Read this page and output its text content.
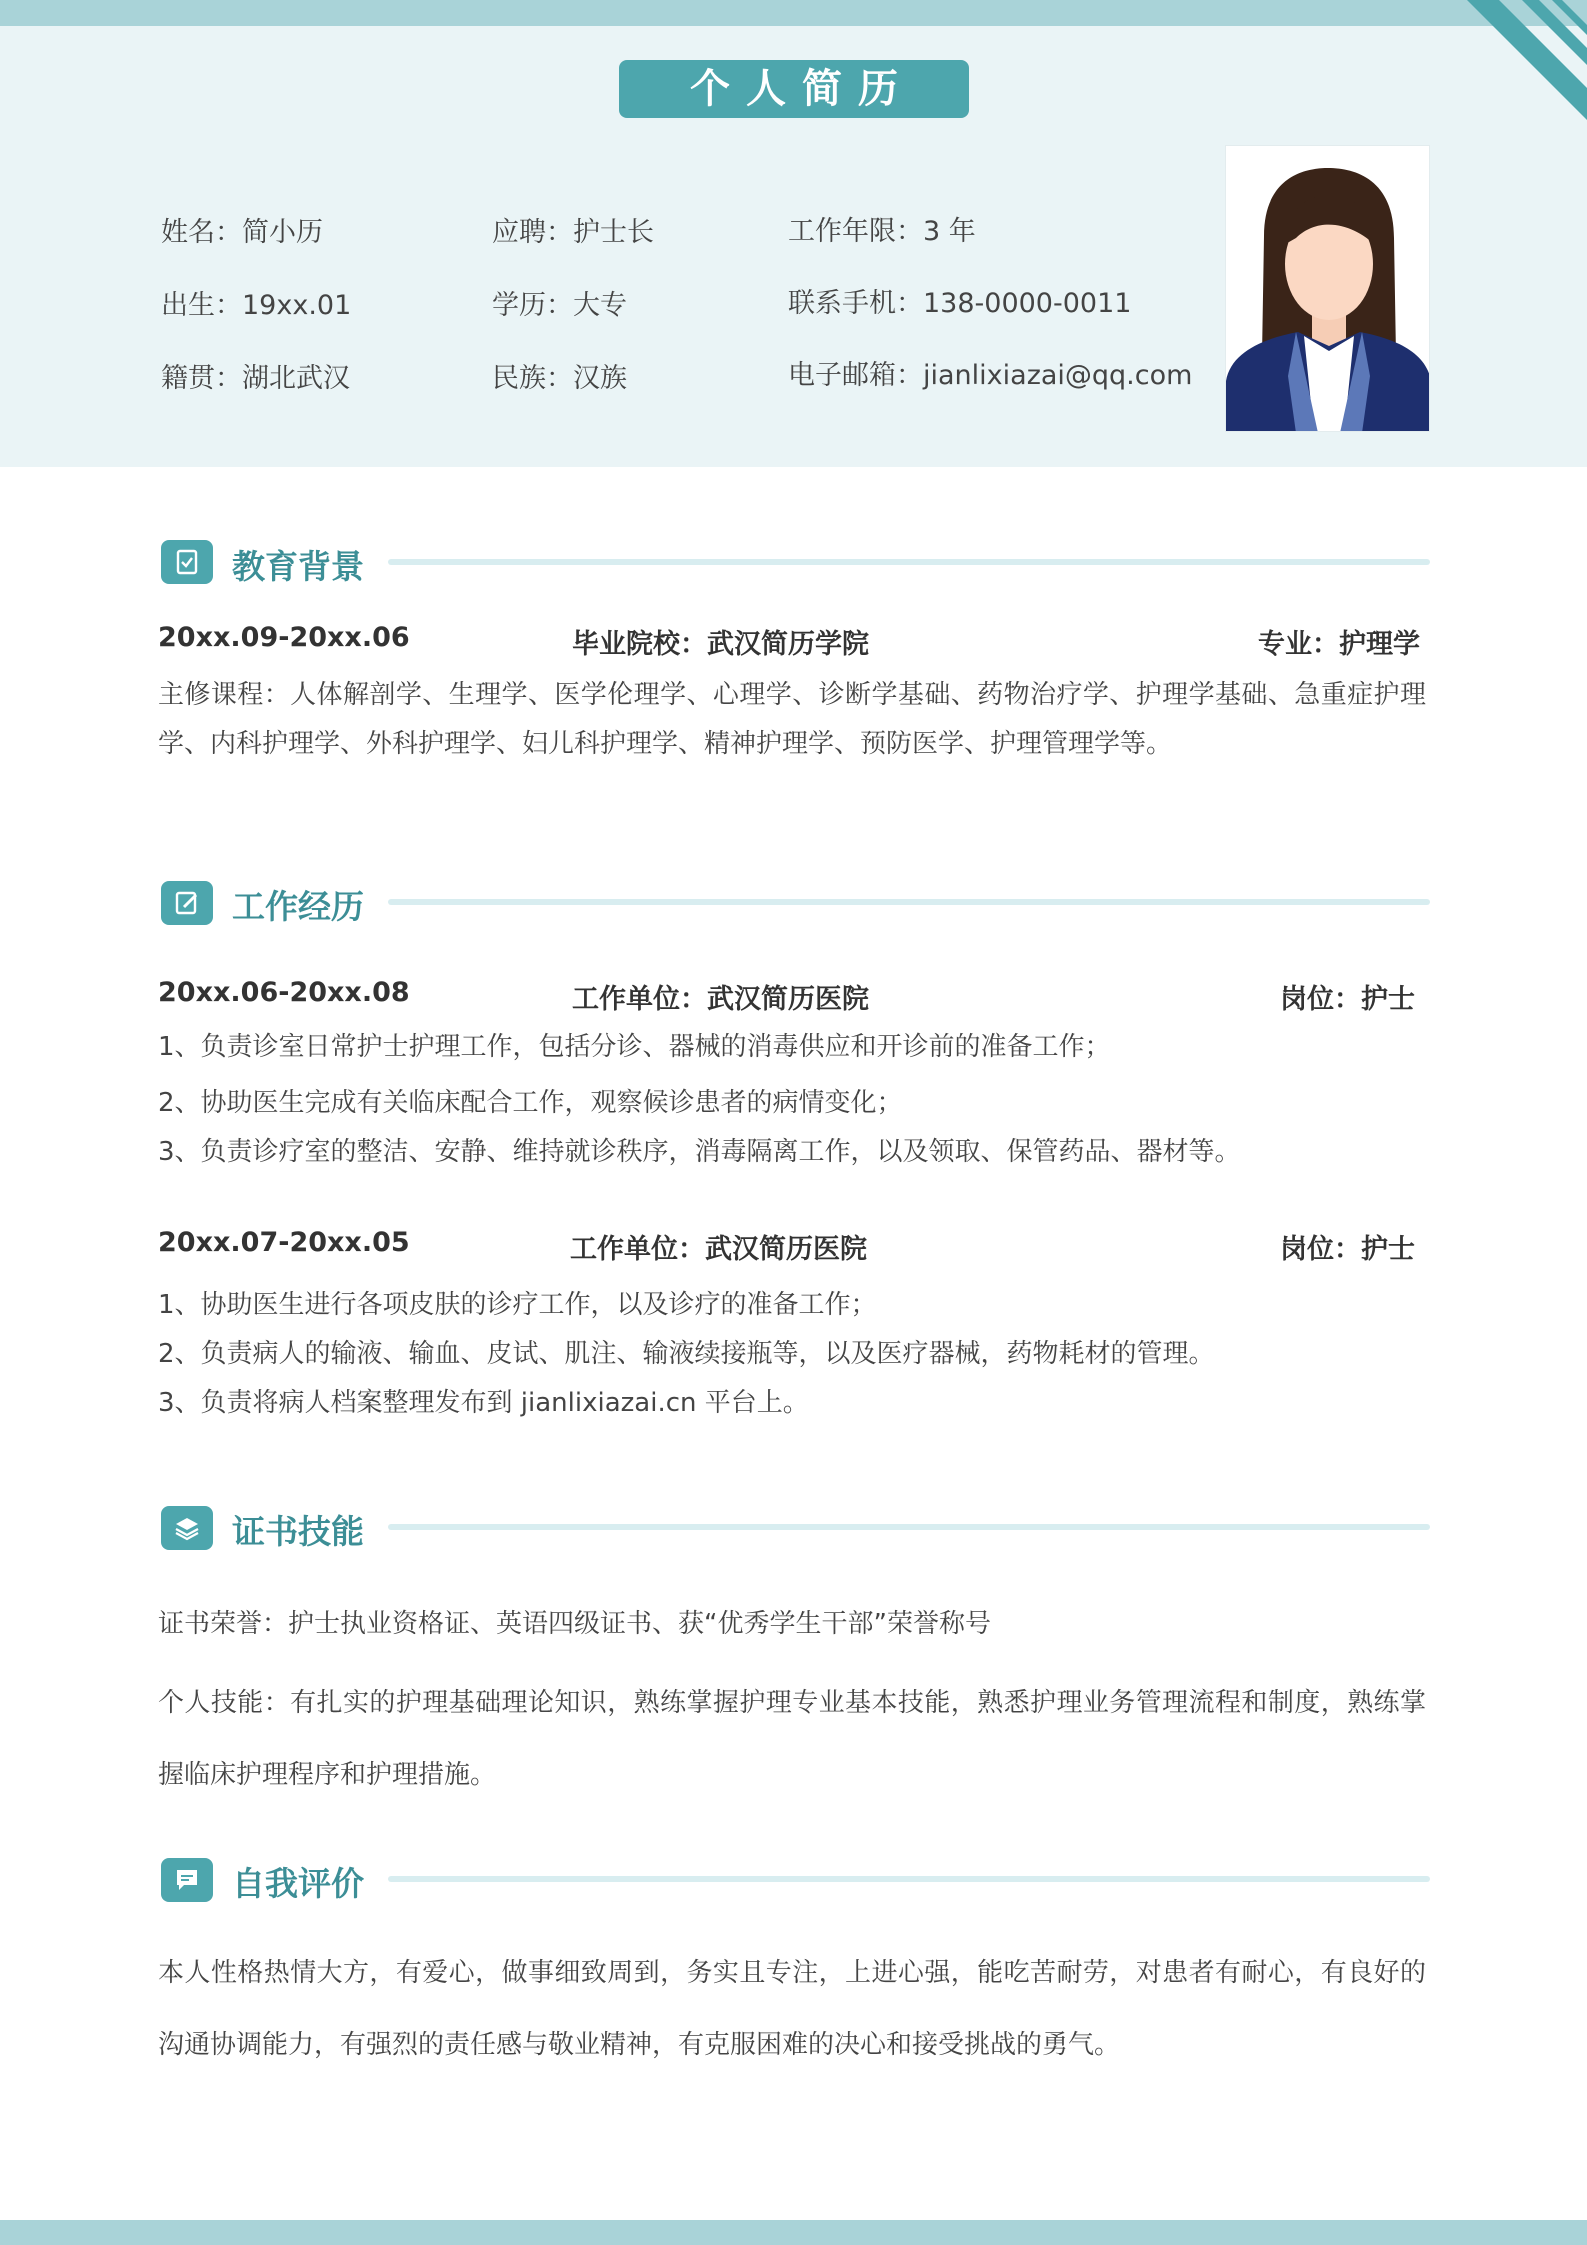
个人简历
姓名 ： 简小历	应聘 ： 护士长	工作年限 ： 3 年
出生 ： 19xx.01	学历 ： 大专	联系手机 ： 138-0000-0011
籍贯 ： 湖北武汉	民族 ： 汉族	电子邮箱 ： jianlixiazai@qq.com
教育背景
20xx.09-20xx.06	毕业院校：武汉简历学院	专业：护理学
主修课程：人体解剖学、生理学、医学伦理学、心理学、诊断学基础、药物治疗学、护理学基础、急重症护理学、内科护理学、外科护理学、妇儿科护理学、精神护理学、预防医学、护理管理学等。
工作经历
20xx.06-20xx.08	工作单位：武汉简历医院	岗位：护士
1、负责诊室日常护士护理工作，包括分诊、器械的消毒供应和开诊前的准备工作；
2、协助医生完成有关临床配合工作，观察候诊患者的病情变化；
3、负责诊疗室的整洁、安静、维持就诊秩序，消毒隔离工作，以及领取、保管药品、器材等。
20xx.07-20xx.05	工作单位：武汉简历医院	岗位：护士
1、协助医生进行各项皮肤的诊疗工作，以及诊疗的准备工作；
2、负责病人的输液、输血、皮试、肌注、输液续接瓶等，以及医疗器械，药物耗材的管理。
3、负责将病人档案整理发布到 jianlixiazai.cn 平台上。
证书技能
证书荣誉：护士执业资格证、英语四级证书、获“优秀学生干部”荣誉称号
个人技能：有扎实的护理基础理论知识，熟练掌握护理专业基本技能，熟悉护理业务管理流程和制度，熟练掌握临床护理程序和护理措施。
自我评价
本人性格热情大方，有爱心，做事细致周到，务实且专注，上进心强，能吃苦耐劳，对患者有耐心，有良好的沟通协调能力，有强烈的责任感与敬业精神，有克服困难的决心和接受挑战的勇气。
